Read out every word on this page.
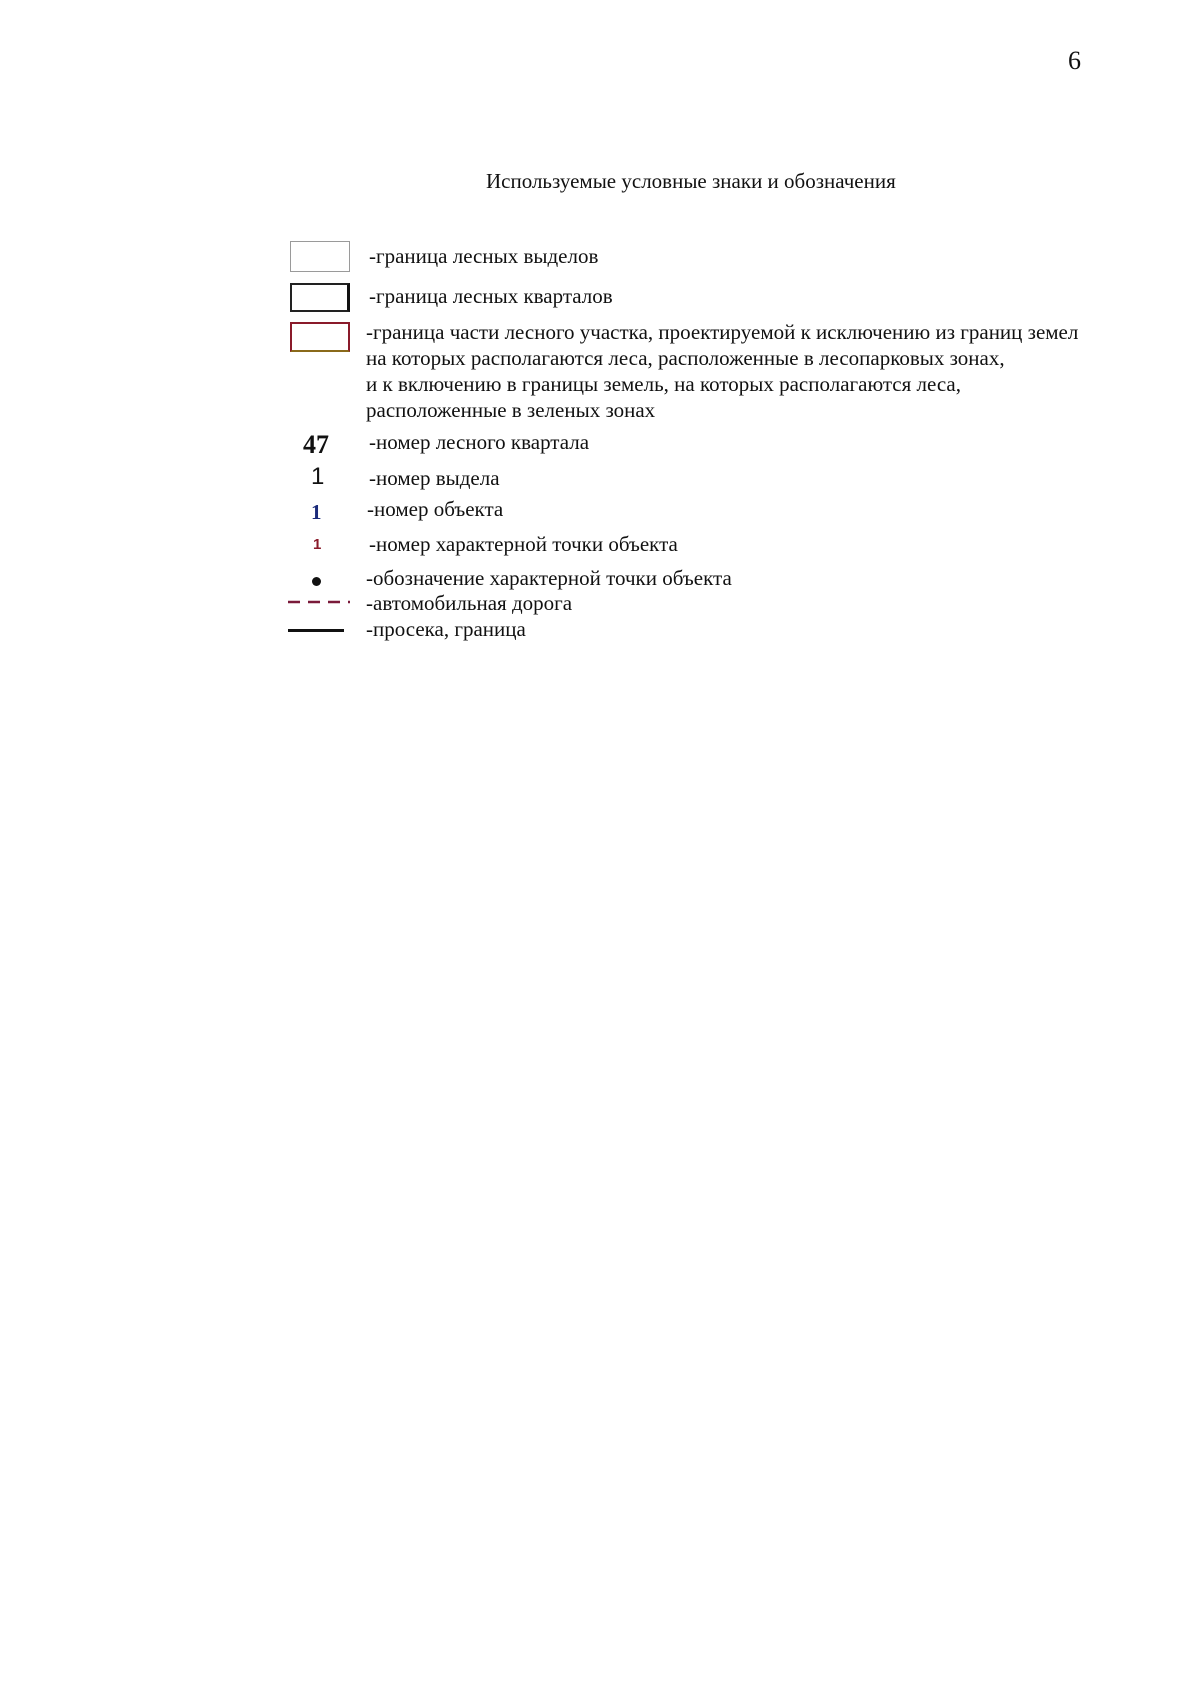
6
Используемые условные знаки и обозначения
-граница лесных выделов
-граница лесных кварталов
-граница части лесного участка, проектируемой к исключению из границ земел
на которых располагаются леса, расположенные в лесопарковых зонах,
и к включению в границы земель, на которых располагаются леса,
расположенные в зеленых зонах
47 -номер лесного квартала
1 -номер выдела
1 -номер объекта
1 -номер характерной точки объекта
-обозначение характерной точки объекта
-автомобильная дорога
-просека, граница
